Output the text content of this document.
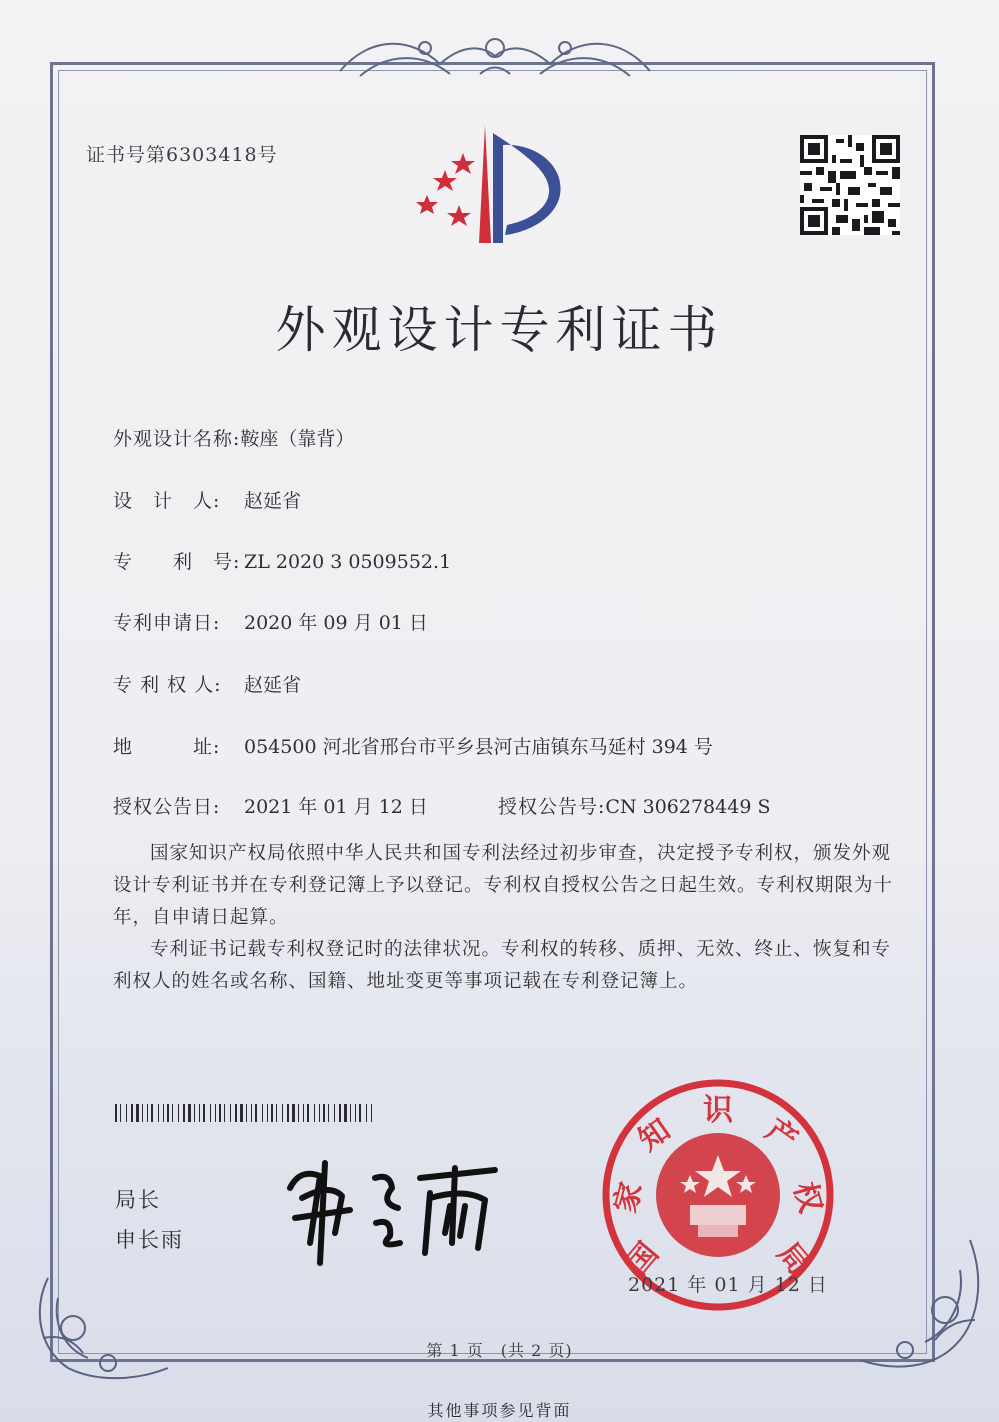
证书号第6303418号
外观设计专利证书
外观设计名称:鞍座（靠背）
设　计　人: 赵延省
专　　利　号: ZL 2020 3 0509552.1
专利申请日: 2020 年 09 月 01 日
专 利 权 人: 赵延省
地　　　址: 054500 河北省邢台市平乡县河古庙镇东马延村 394 号
授权公告日: 2021 年 01 月 12 日	授权公告号:CN 306278449 S

国家知识产权局依照中华人民共和国专利法经过初步审查，决定授予专利权，颁发外观设计专利证书并在专利登记簿上予以登记。专利权自授权公告之日起生效。专利权期限为十年，自申请日起算。

专利证书记载专利权登记时的法律状况。专利权的转移、质押、无效、终止、恢复和专利权人的姓名或名称、国籍、地址变更等事项记载在专利登记簿上。

局长
申长雨	国
家
知
识
产
权
局
2021 年 01 月 12 日
第 1 页　(共 2 页)
其他事项参见背面
